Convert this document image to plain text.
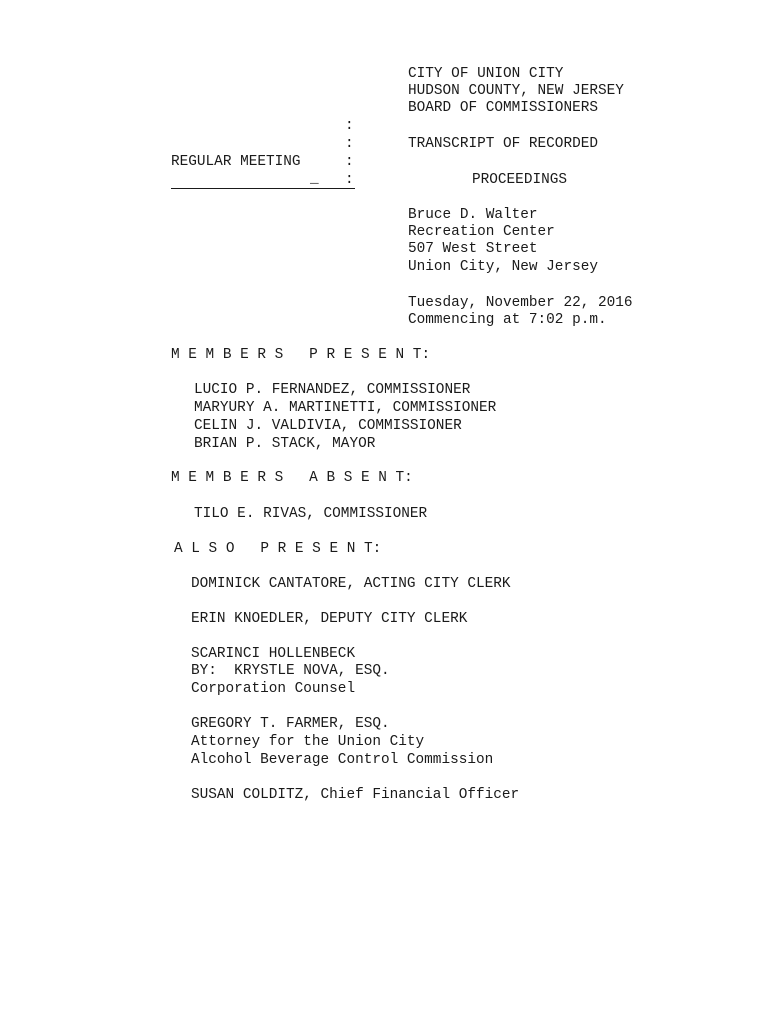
CITY OF UNION CITY
HUDSON COUNTY, NEW JERSEY
BOARD OF COMMISSIONERS
:
:
:
:
REGULAR MEETING
_
TRANSCRIPT OF RECORDED
PROCEEDINGS
Bruce D. Walter
Recreation Center
507 West Street
Union City, New Jersey
Tuesday, November 22, 2016
Commencing at 7:02 p.m.
M E M B E R S   P R E S E N T:
LUCIO P. FERNANDEZ, COMMISSIONER
MARYURY A. MARTINETTI, COMMISSIONER
CELIN J. VALDIVIA, COMMISSIONER
BRIAN P. STACK, MAYOR
M E M B E R S   A B S E N T:
TILO E. RIVAS, COMMISSIONER
A L S O   P R E S E N T:
DOMINICK CANTATORE, ACTING CITY CLERK
ERIN KNOEDLER, DEPUTY CITY CLERK
SCARINCI HOLLENBECK
BY:  KRYSTLE NOVA, ESQ.
Corporation Counsel
GREGORY T. FARMER, ESQ.
Attorney for the Union City
Alcohol Beverage Control Commission
SUSAN COLDITZ, Chief Financial Officer
